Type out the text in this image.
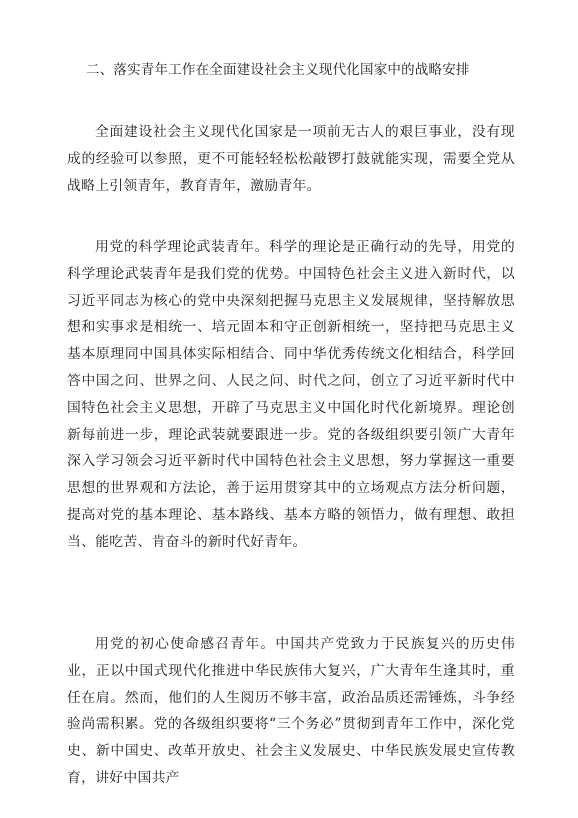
二、落实青年工作在全面建设社会主义现代化国家中的战略安排

全面建设社会主义现代化国家是一项前无古人的艰巨事业，没有现成的经验可以参照，更不可能轻轻松松敲锣打鼓就能实现，需要全党从战略上引领青年，教育青年，激励青年。

用党的科学理论武装青年。科学的理论是正确行动的先导，用党的科学理论武装青年是我们党的优势。中国特色社会主义进入新时代，以习近平同志为核心的党中央深刻把握马克思主义发展规律，坚持解放思想和实事求是相统一、培元固本和守正创新相统一，坚持把马克思主义基本原理同中国具体实际相结合、同中华优秀传统文化相结合，科学回答中国之问、世界之问、人民之问、时代之问，创立了习近平新时代中国特色社会主义思想，开辟了马克思主义中国化时代化新境界。理论创新每前进一步，理论武装就要跟进一步。党的各级组织要引领广大青年深入学习领会习近平新时代中国特色社会主义思想，努力掌握这一重要思想的世界观和方法论，善于运用贯穿其中的立场观点方法分析问题，提高对党的基本理论、基本路线、基本方略的领悟力，做有理想、敢担当、能吃苦、肯奋斗的新时代好青年。

用党的初心使命感召青年。中国共产党致力于民族复兴的历史伟业，正以中国式现代化推进中华民族伟大复兴，广大青年生逢其时，重任在肩。然而，他们的人生阅历不够丰富，政治品质还需锤炼，斗争经验尚需积累。党的各级组织要将“三个务必”贯彻到青年工作中，深化党史、新中国史、改革开放史、社会主义发展史、中华民族发展史宣传教育，讲好中国共产
